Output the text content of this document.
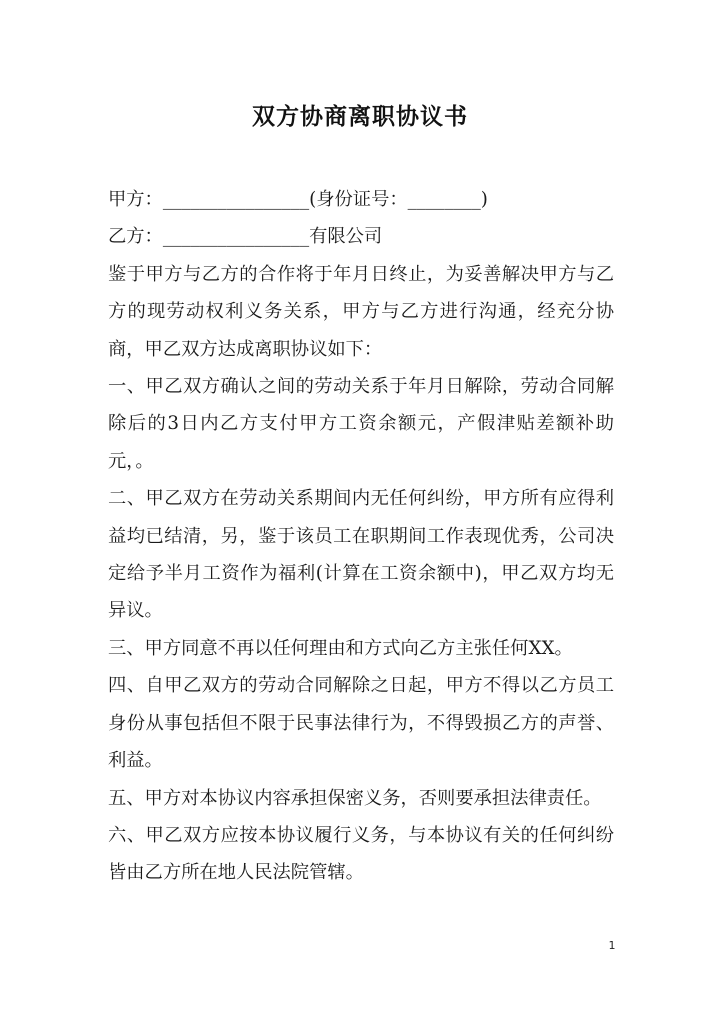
双方协商离职协议书

甲方：________________(身份证号：________)

乙方：________________有限公司

鉴于甲方与乙方的合作将于年月日终止，为妥善解决甲方与乙方的现劳动权利义务关系，甲方与乙方进行沟通，经充分协商，甲乙双方达成离职协议如下：

一、甲乙双方确认之间的劳动关系于年月日解除，劳动合同解除后的3日内乙方支付甲方工资余额元，产假津贴差额补助元，。

二、甲乙双方在劳动关系期间内无任何纠纷，甲方所有应得利益均已结清，另，鉴于该员工在职期间工作表现优秀，公司决定给予半月工资作为福利(计算在工资余额中)，甲乙双方均无异议。

三、甲方同意不再以任何理由和方式向乙方主张任何XX。

四、自甲乙双方的劳动合同解除之日起，甲方不得以乙方员工身份从事包括但不限于民事法律行为，不得毁损乙方的声誉、利益。

五、甲方对本协议内容承担保密义务，否则要承担法律责任。

六、甲乙双方应按本协议履行义务，与本协议有关的任何纠纷皆由乙方所在地人民法院管辖。

1
